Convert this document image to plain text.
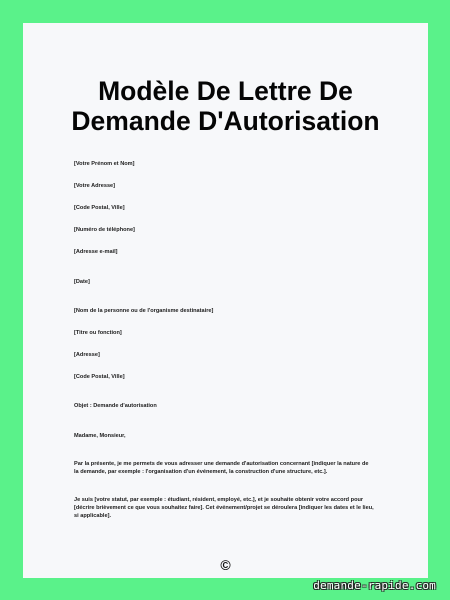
Modèle De Lettre De
Demande D'Autorisation
[Votre Prénom et Nom]
[Votre Adresse]
[Code Postal, Ville]
[Numéro de téléphone]
[Adresse e-mail]
[Date]
[Nom de la personne ou de l'organisme destinataire]
[Titre ou fonction]
[Adresse]
[Code Postal, Ville]
Objet : Demande d'autorisation
Madame, Monsieur,
Par la présente, je me permets de vous adresser une demande d'autorisation concernant [indiquer la nature de la demande, par exemple : l'organisation d'un événement, la construction d'une structure, etc.].
Je suis [votre statut, par exemple : étudiant, résident, employé, etc.], et je souhaite obtenir votre accord pour [décrire brièvement ce que vous souhaitez faire]. Cet événement/projet se déroulera [indiquer les dates et le lieu, si applicable].
©
demande-rapide.com
